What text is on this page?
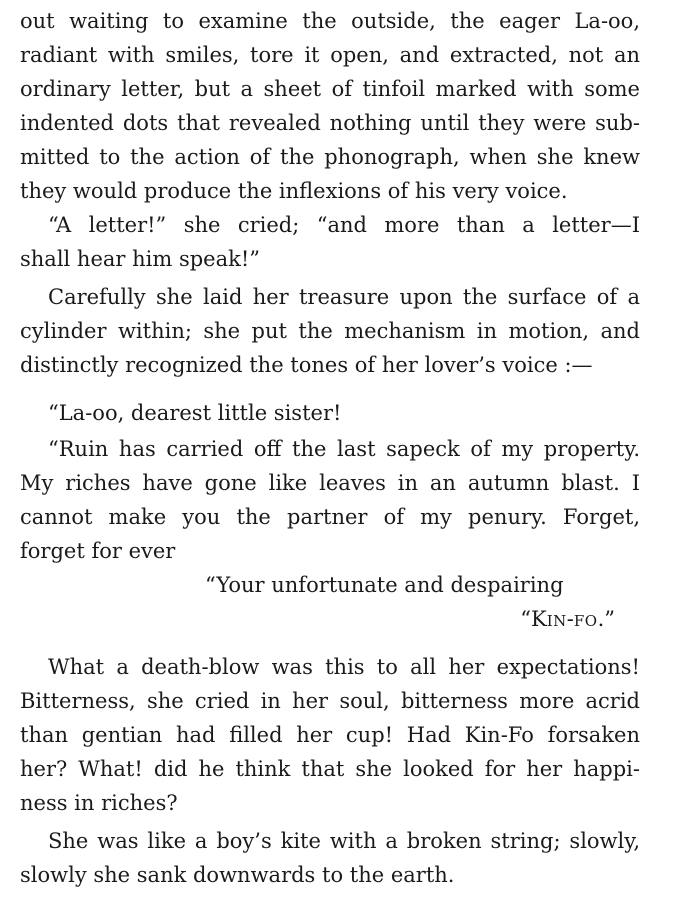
out waiting to examine the outside, the eager La-oo,
radiant with smiles, tore it open, and extracted, not an
ordinary letter, but a sheet of tinfoil marked with some
indented dots that revealed nothing until they were sub-
mitted to the action of the phonograph, when she knew
they would produce the inflexions of his very voice.
“A letter!” she cried; “and more than a letter—I
shall hear him speak!”
Carefully she laid her treasure upon the surface of a
cylinder within; she put the mechanism in motion, and
distinctly recognized the tones of her lover’s voice :—
“La-oo, dearest little sister!
“Ruin has carried off the last sapeck of my property.
My riches have gone like leaves in an autumn blast. I
cannot make you the partner of my penury. Forget,
forget for ever
“Your unfortunate and despairing
“KIN-FO.”
What a death-blow was this to all her expectations!
Bitterness, she cried in her soul, bitterness more acrid
than gentian had filled her cup! Had Kin-Fo forsaken
her? What! did he think that she looked for her happi-
ness in riches?
She was like a boy’s kite with a broken string; slowly,
slowly she sank downwards to the earth.
